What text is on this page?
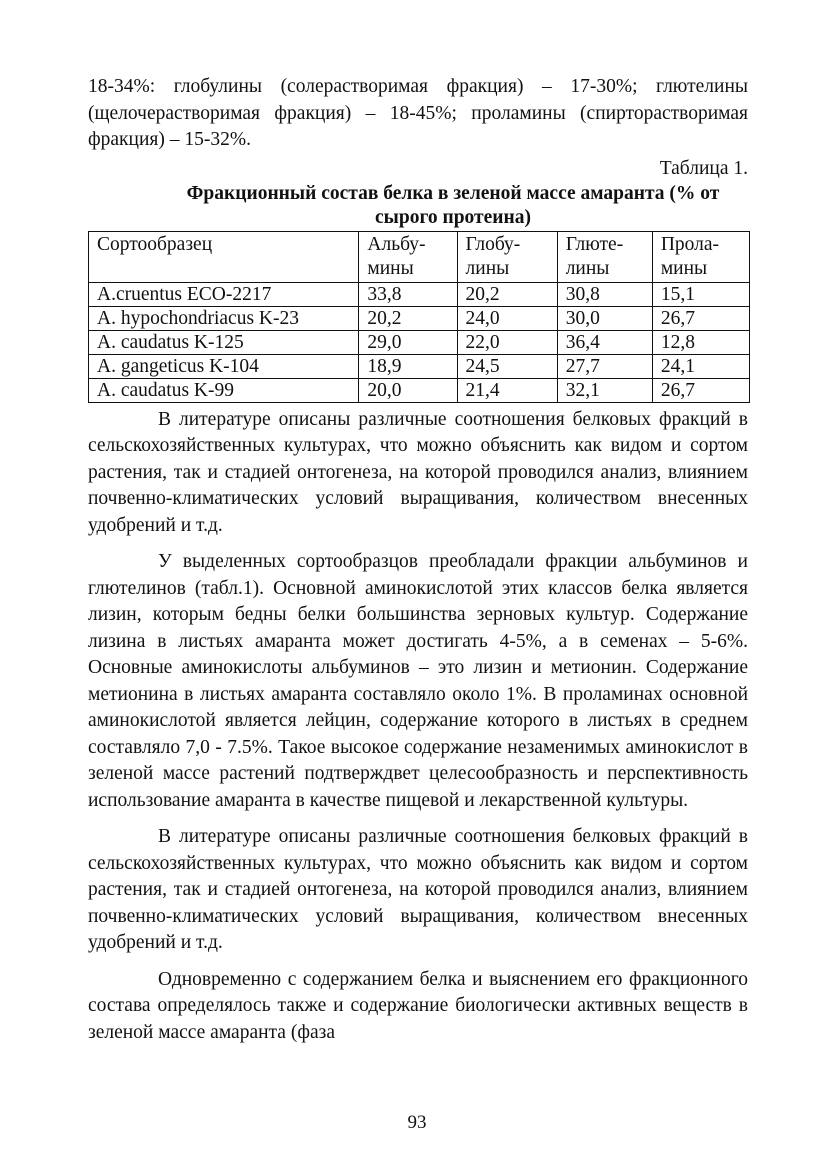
18-34%: глобулины (солерастворимая фракция) – 17-30%; глютелины (щелочерастворимая фракция) – 18-45%; проламины (спирторастворимая фракция) – 15-32%.

Таблица 1.
Фракционный состав белка в зеленой массе амаранта (% от сырого протеина)
Сортообразец	Альбу- мины	Глобу- лины	Глюте- лины	Прола- мины
A.cruentus ECO-2217	33,8	20,2	30,8	15,1
A. hypochondriacus K-23	20,2	24,0	30,0	26,7
A. caudatus K-125	29,0	22,0	36,4	12,8
A. gangeticus K-104	18,9	24,5	27,7	24,1
A. caudatus K-99	20,0	21,4	32,1	26,7

В литературе описаны различные соотношения белковых фракций в сельскохозяйственных культурах, что можно объяснить как видом и сортом растения, так и стадией онтогенеза, на которой проводился анализ, влиянием почвенно-климатических условий выращивания, количеством внесенных удобрений и т.д.

У выделенных сортообразцов преобладали фракции альбуминов и глютелинов (табл.1). Основной аминокислотой этих классов белка является лизин, которым бедны белки большинства зерновых культур. Содержание лизина в листьях амаранта может достигать 4-5%, а в семенах – 5-6%. Основные аминокислоты альбуминов – это лизин и метионин. Содержание метионина в листьях амаранта составляло около 1%. В проламинах основной аминокислотой является лейцин, содержание которого в листьях в среднем составляло 7,0 - 7.5%. Такое высокое содержание незаменимых аминокислот в зеленой массе растений подтверждвет целесообразность и перспективность использование амаранта в качестве пищевой и лекарственной культуры.

В литературе описаны различные соотношения белковых фракций в сельскохозяйственных культурах, что можно объяснить как видом и сортом растения, так и стадией онтогенеза, на которой проводился анализ, влиянием почвенно-климатических условий выращивания, количеством внесенных удобрений и т.д.

Одновременно с содержанием белка и выяснением его фракционного состава определялось также и содержание биологически активных веществ в зеленой массе амаранта (фаза

93
